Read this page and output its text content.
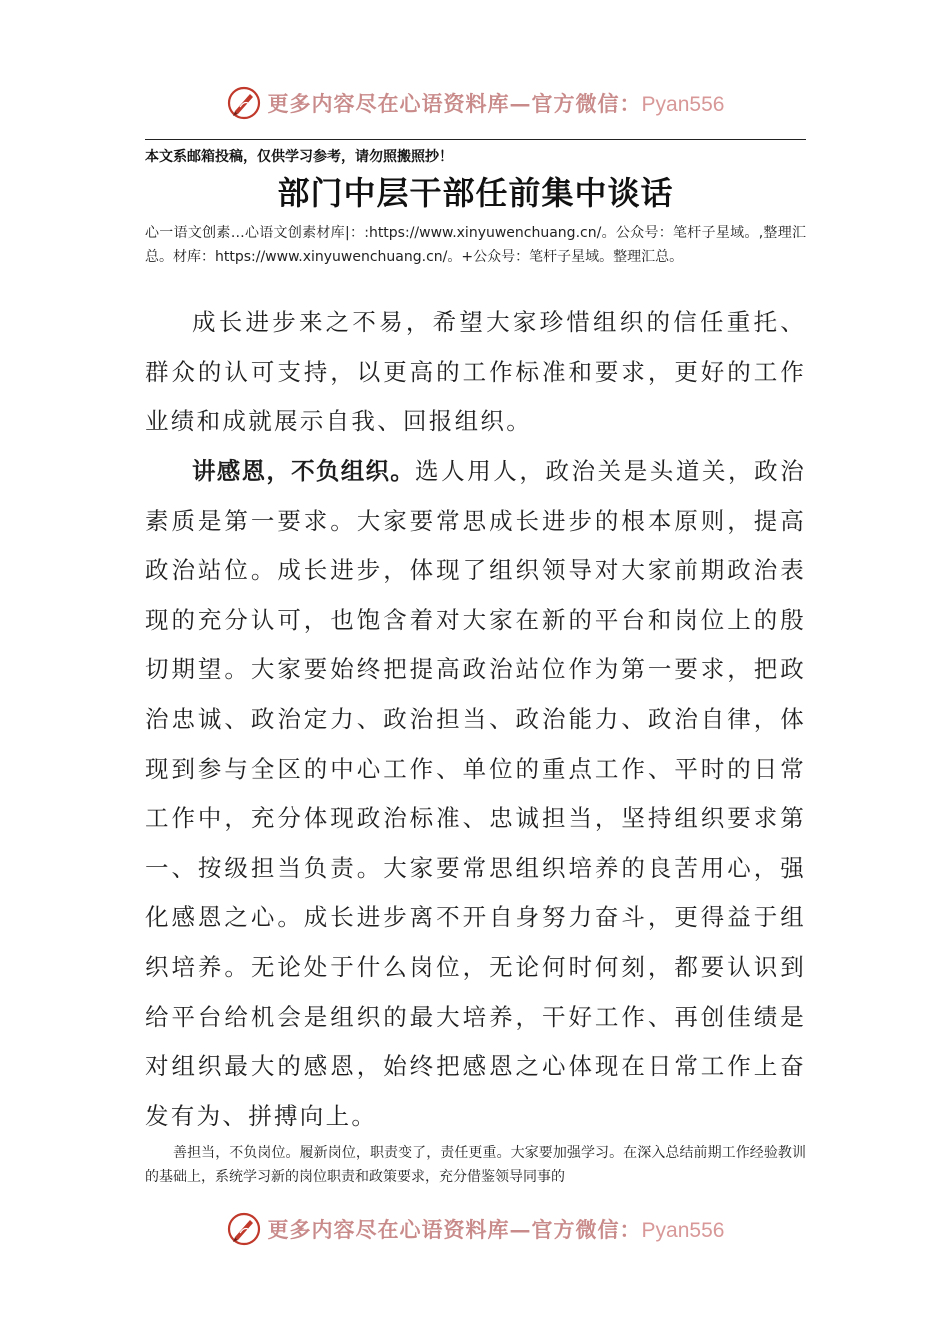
更多内容尽在心语资料库—官方微信：Pyan556
本文系邮箱投稿，仅供学习参考，请勿照搬照抄！
部门中层干部任前集中谈话
心一语文创素…心语文创素材库|：:https://www.xinyuwenchuang.cn/。公众号：笔杆子星域。,整理汇总。材库：https://www.xinyuwenchuang.cn/。+公众号：笔杆子星域。整理汇总。

成长进步来之不易，希望大家珍惜组织的信任重托、群众的认可支持，以更高的工作标准和要求，更好的工作业绩和成就展示自我、回报组织。

讲感恩，不负组织。选人用人，政治关是头道关，政治素质是第一要求。大家要常思成长进步的根本原则，提高政治站位。成长进步，体现了组织领导对大家前期政治表现的充分认可，也饱含着对大家在新的平台和岗位上的殷切期望。大家要始终把提高政治站位作为第一要求，把政治忠诚、政治定力、政治担当、政治能力、政治自律，体现到参与全区的中心工作、单位的重点工作、平时的日常工作中，充分体现政治标准、忠诚担当，坚持组织要求第一、按级担当负责。大家要常思组织培养的良苦用心，强化感恩之心。成长进步离不开自身努力奋斗，更得益于组织培养。无论处于什么岗位，无论何时何刻，都要认识到给平台给机会是组织的最大培养，干好工作、再创佳绩是对组织最大的感恩，始终把感恩之心体现在日常工作上奋发有为、拼搏向上。

善担当，不负岗位。履新岗位，职责变了，责任更重。大家要加强学习。在深入总结前期工作经验教训的基础上，系统学习新的岗位职责和政策要求，充分借鉴领导同事的

更多内容尽在心语资料库—官方微信：Pyan556
